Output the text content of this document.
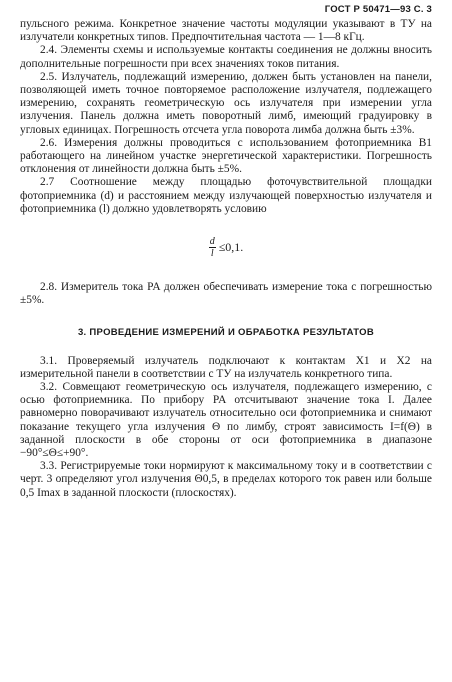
ГОСТ Р 50471—93 С. 3

пульсного режима. Конкретное значение частоты модуляции указывают в ТУ на излучатели конкретных типов. Предпочтительная частота — 1—8 кГц.

2.4. Элементы схемы и используемые контакты соединения не должны вносить дополнительные погрешности при всех значениях токов питания.

2.5. Излучатель, подлежащий измерению, должен быть установлен на панели, позволяющей иметь точное повторяемое расположение излучателя, подлежащего измерению, сохранять геометрическую ось излучателя при измерении угла излучения. Панель должна иметь поворотный лимб, имеющий градуировку в угловых единицах. Погрешность отсчета угла поворота лимба должна быть ±3%.

2.6. Измерения должны проводиться с использованием фотоприемника B1 работающего на линейном участке энергетической характеристики. Погрешность отклонения от линейности должна быть ±5%.

2.7 Соотношение между площадью фоточувствительной площадки фотоприемника (d) и расстоянием между излучающей поверхностью излучателя и фотоприемника (l) должно удовлетворять условию

$\frac{d}{l} \le 0,1$.

2.8. Измеритель тока PA должен обеспечивать измерение тока с погрешностью ±5%.

3. ПРОВЕДЕНИЕ ИЗМЕРЕНИЙ И ОБРАБОТКА РЕЗУЛЬТАТОВ

3.1. Проверяемый излучатель подключают к контактам X1 и X2 на измерительной панели в соответствии с ТУ на излучатель конкретного типа.

3.2. Совмещают геометрическую ось излучателя, подлежащего измерению, с осью фотоприемника. По прибору PA отсчитывают значение тока I. Далее равномерно поворачивают излучатель относительно оси фотоприемника и снимают показание текущего угла излучения Θ по лимбу, строят зависимость I=f(Θ) в заданной плоскости в обе стороны от оси фотоприемника в диапазоне −90°≤Θ≤+90°.

3.3. Регистрируемые токи нормируют к максимальному току и в соответствии с черт. 3 определяют угол излучения Θ0,5, в пределах которого ток равен или больше 0,5 Imax в заданной плоскости (плоскостях).
